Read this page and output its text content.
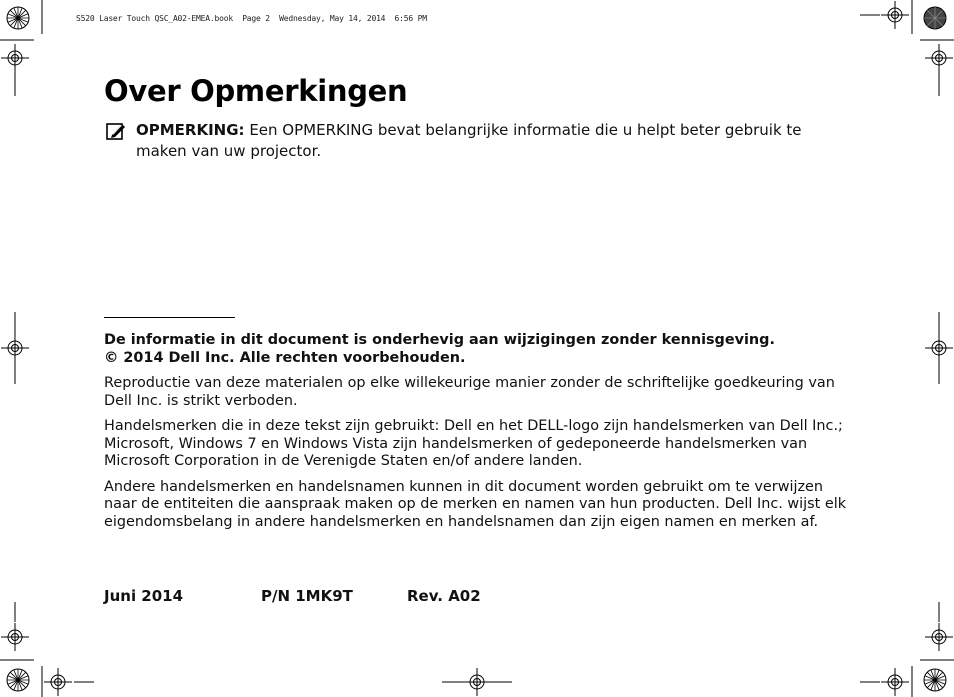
S520 Laser Touch QSC_A02-EMEA.book  Page 2  Wednesday, May 14, 2014  6:56 PM
Over Opmerkingen
OPMERKING: Een OPMERKING bevat belangrijke informatie die u helpt beter gebruik te maken van uw projector.

De informatie in dit document is onderhevig aan wijzigingen zonder kennisgeving.

© 2014 Dell Inc. Alle rechten voorbehouden.

Reproductie van deze materialen op elke willekeurige manier zonder de schriftelijke goedkeuring van Dell Inc. is strikt verboden.

Handelsmerken die in deze tekst zijn gebruikt: Dell en het DELL-logo zijn handelsmerken van Dell Inc.; Microsoft, Windows 7 en Windows Vista zijn handelsmerken of gedeponeerde handelsmerken van Microsoft Corporation in de Verenigde Staten en/of andere landen.

Andere handelsmerken en handelsnamen kunnen in dit document worden gebruikt om te verwijzen naar de entiteiten die aanspraak maken op de merken en namen van hun producten. Dell Inc. wijst elk eigendomsbelang in andere handelsmerken en handelsnamen dan zijn eigen namen en merken af.

Juni 2014	P/N 1MK9T	Rev. A02
